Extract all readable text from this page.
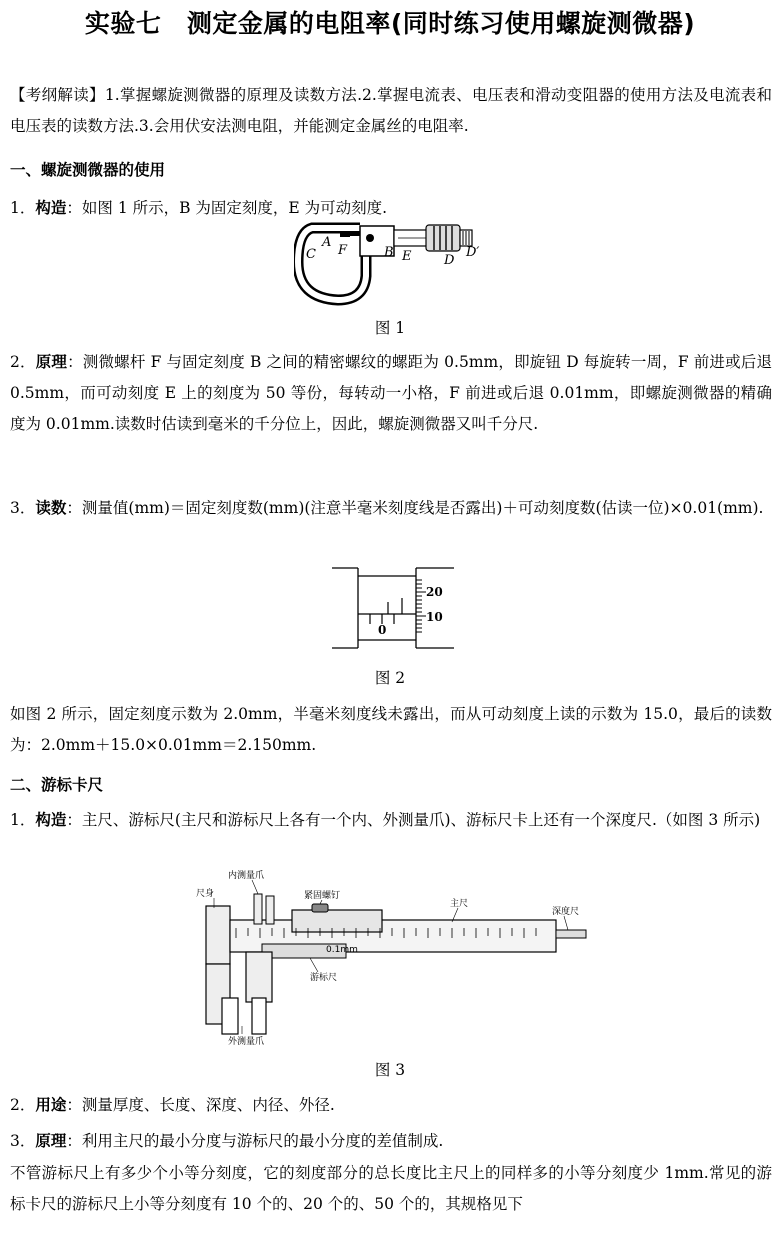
实验七　测定金属的电阻率(同时练习使用螺旋测微器)
【考纲解读】1.掌握螺旋测微器的原理及读数方法.2.掌握电流表、电压表和滑动变阻器的使用方法及电流表和电压表的读数方法.3.会用伏安法测电阻，并能测定金属丝的电阻率.
一、螺旋测微器的使用
1．构造：如图 1 所示，B 为固定刻度，E 为可动刻度.
A
F
C	B E	D
D′
图 1
2．原理：测微螺杆 F 与固定刻度 B 之间的精密螺纹的螺距为 0.5mm，即旋钮 D 每旋转一周，F 前进或后退 0.5mm，而可动刻度 E 上的刻度为 50 等份，每转动一小格，F 前进或后退 0.01mm，即螺旋测微器的精确度为 0.01mm.读数时估读到毫米的千分位上，因此，螺旋测微器又叫千分尺.
3．读数：测量值(mm)＝固定刻度数(mm)(注意半毫米刻度线是否露出)＋可动刻度数(估读一位)×0.01(mm).
20
10
0
图 2
如图 2 所示，固定刻度示数为 2.0mm，半毫米刻度线未露出，而从可动刻度上读的示数为 15.0，最后的读数为：2.0mm＋15.0×0.01mm＝2.150mm.
二、游标卡尺
1．构造：主尺、游标尺(主尺和游标尺上各有一个内、外测量爪)、游标尺卡上还有一个深度尺.（如图 3 所示)
尺身
内测量爪
紧固螺钉
主尺
深度尺
0.1mm
游标尺
外测量爪
图 3
2．用途：测量厚度、长度、深度、内径、外径.
3．原理：利用主尺的最小分度与游标尺的最小分度的差值制成.
不管游标尺上有多少个小等分刻度，它的刻度部分的总长度比主尺上的同样多的小等分刻度少 1mm.常见的游标卡尺的游标尺上小等分刻度有 10 个的、20 个的、50 个的，其规格见下
